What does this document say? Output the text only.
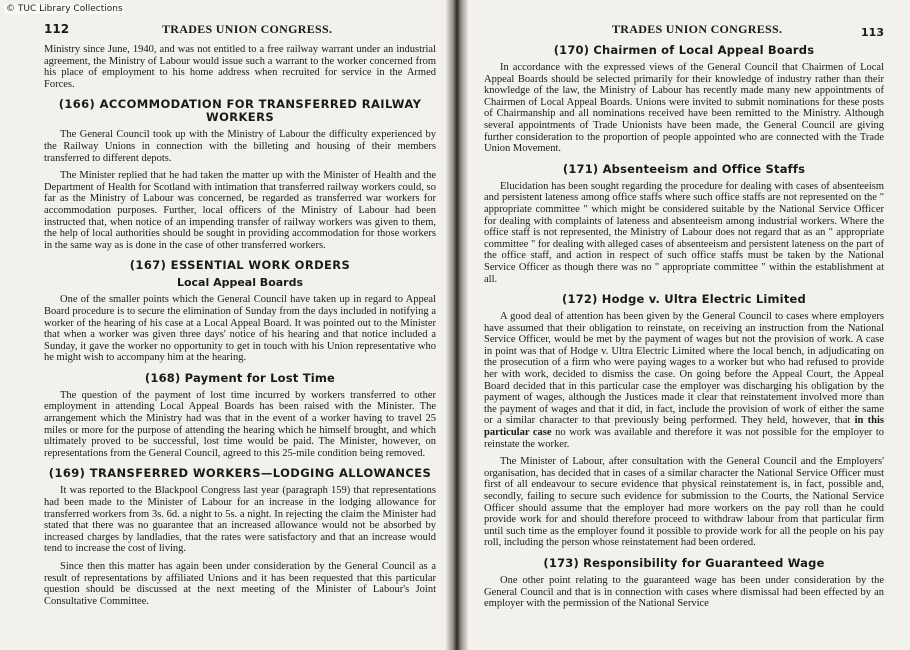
112	TRADES UNION CONGRESS.

Ministry since June, 1940, and was not entitled to a free railway warrant under an industrial agreement, the Ministry of Labour would issue such a warrant to the worker concerned from his place of employment to his home address when recruited for service in the Armed Forces.

(166) ACCOMMODATION FOR TRANSFERRED RAILWAY WORKERS

The General Council took up with the Ministry of Labour the difficulty experienced by the Railway Unions in connection with the billeting and housing of their members transferred to different depots.

The Minister replied that he had taken the matter up with the Minister of Health and the Department of Health for Scotland with intimation that transferred railway workers could, so far as the Ministry of Labour was concerned, be regarded as transferred war workers for accommodation purposes. Further, local officers of the Ministry of Labour had been instructed that, when notice of an impending transfer of railway workers was given to them, the help of local authorities should be sought in providing accommodation for those workers in the same way as is done in the case of other transferred workers.

(167) ESSENTIAL WORK ORDERS
Local Appeal Boards

One of the smaller points which the General Council have taken up in regard to Appeal Board procedure is to secure the elimination of Sunday from the days included in notifying a worker of the hearing of his case at a Local Appeal Board. It was pointed out to the Minister that when a worker was given three days' notice of his hearing and that notice included a Sunday, it gave the worker no opportunity to get in touch with his Union representative who he might wish to accompany him at the hearing.

(168) Payment for Lost Time

The question of the payment of lost time incurred by workers transferred to other employment in attending Local Appeal Boards has been raised with the Minister. The arrangement which the Ministry had was that in the event of a worker having to travel 25 miles or more for the purpose of attending the hearing which he himself brought, and which ultimately proved to be successful, lost time would be paid. The Minister, however, on representations from the General Council, agreed to this 25-mile condition being removed.

(169) TRANSFERRED WORKERS—LODGING ALLOWANCES

It was reported to the Blackpool Congress last year (paragraph 159) that representations had been made to the Minister of Labour for an increase in the lodging allowance for transferred workers from 3s. 6d. a night to 5s. a night. In rejecting the claim the Minister had stated that there was no guarantee that an increased allowance would not be absorbed by increased charges by landladies, that the rates were satisfactory and that an increase would tend to increase the cost of living.

Since then this matter has again been under consideration by the General Council as a result of representations by affiliated Unions and it has been requested that this particular question should be discussed at the next meeting of the Minister of Labour's Joint Consultative Committee.

TRADES UNION CONGRESS.	113
(170) Chairmen of Local Appeal Boards

In accordance with the expressed views of the General Council that Chairmen of Local Appeal Boards should be selected primarily for their knowledge of industry rather than their knowledge of the law, the Ministry of Labour has recently made many new appointments of Chairmen of Local Appeal Boards. Unions were invited to submit nominations for these posts of Chairmanship and all nominations received have been remitted to the Ministry. Although several appointments of Trade Unionists have been made, the General Council are giving further consideration to the proportion of people appointed who are connected with the Trade Union Movement.

(171) Absenteeism and Office Staffs

Elucidation has been sought regarding the procedure for dealing with cases of absenteeism and persistent lateness among office staffs where such office staffs are not represented on the " appropriate committee " which might be considered suitable by the National Service Officer for dealing with complaints of lateness and absenteeism among industrial workers. Where the office staff is not represented, the Ministry of Labour does not regard that as an " appropriate committee " for dealing with alleged cases of absenteeism and persistent lateness on the part of the office staff, and action in respect of such office staffs must be taken by the National Service Officer as though there was no " appropriate committee " within the establishment at all.

(172) Hodge v. Ultra Electric Limited

A good deal of attention has been given by the General Council to cases where employers have assumed that their obligation to reinstate, on receiving an instruction from the National Service Officer, would be met by the payment of wages but not the provision of work. A case in point was that of Hodge v. Ultra Electric Limited where the local bench, in adjudicating on the prosecution of a firm who were paying wages to a worker but who had refused to provide her with work, decided to dismiss the case. On going before the Appeal Court, the Appeal Board decided that in this particular case the employer was discharging his obligation by the payment of wages, although the Justices made it clear that reinstatement involved more than the payment of wages and that it did, in fact, include the provision of work of either the same or a similar character to that previously being performed. They held, however, that in this particular case no work was available and therefore it was not possible for the employer to reinstate the worker.

The Minister of Labour, after consultation with the General Council and the Employers' organisation, has decided that in cases of a similar character the National Service Officer must first of all endeavour to secure evidence that physical reinstatement is, in fact, possible and, secondly, failing to secure such evidence for submission to the Courts, the National Service Officer should assume that the employer had more workers on the pay roll than he could provide work for and should therefore proceed to withdraw labour from that particular firm until such time as the employer found it possible to provide work for all the people on his pay roll, including the person whose reinstatement had been ordered.

(173) Responsibility for Guaranteed Wage

One other point relating to the guaranteed wage has been under consideration by the General Council and that is in connection with cases where dismissal had been effected by an employer with the permission of the National Service

© TUC Library Collections
